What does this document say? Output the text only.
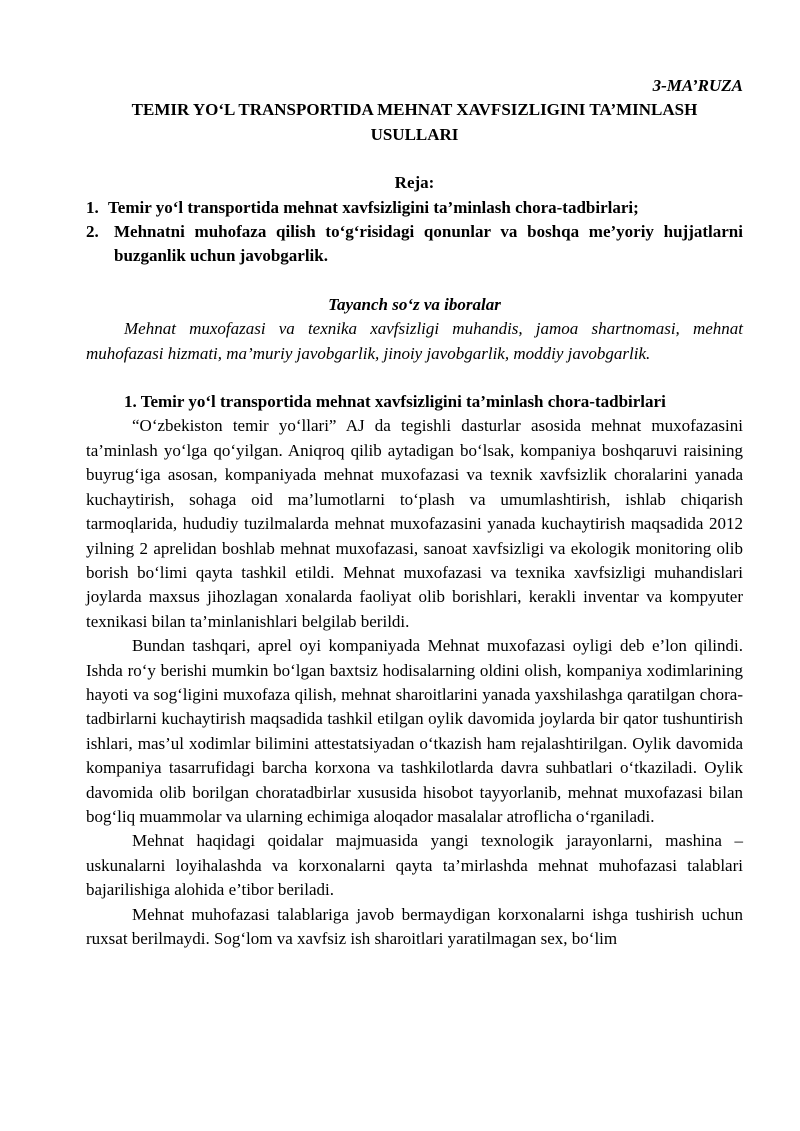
3-MA’RUZA

TEMIR YO‘L TRANSPORTIDA MEHNAT XAVFSIZLIGINI TA’MINLASH USULLARI

Reja:

1. Temir yo‘l transportida mehnat xavfsizligini ta’minlash chora-tadbirlari;
2. Mehnatni muhofaza qilish to‘g‘risidagi qonunlar va boshqa me’yoriy hujjatlarni buzganlik uchun javobgarlik.

Tayanch so‘z va iboralar

Mehnat muxofazasi va texnika xavfsizligi muhandis, jamoa shartnomasi, mehnat muhofazasi hizmati, ma’muriy javobgarlik, jinoiy javobgarlik, moddiy javobgarlik.

1. Temir yo‘l transportida mehnat xavfsizligini ta’minlash chora-tadbirlari

“O‘zbekiston temir yo‘llari” AJ da tegishli dasturlar asosida mehnat muxofazasini ta’minlash yo‘lga qo‘yilgan. Aniqroq qilib aytadigan bo‘lsak, kompaniya boshqaruvi raisining buyrug‘iga asosan, kompaniyada mehnat muxofazasi va texnik xavfsizlik choralarini yanada kuchaytirish, sohaga oid ma’lumotlarni to‘plash va umumlashtirish, ishlab chiqarish tarmoqlarida, hududiy tuzilmalarda mehnat muxofazasini yanada kuchaytirish maqsadida 2012 yilning 2 aprelidan boshlab mehnat muxofazasi, sanoat xavfsizligi va ekologik monitoring olib borish bo‘limi qayta tashkil etildi. Mehnat muxofazasi va texnika xavfsizligi muhandislari joylarda maxsus jihozlagan xonalarda faoliyat olib borishlari, kerakli inventar va kompyuter texnikasi bilan ta’minlanishlari belgilab berildi.

Bundan tashqari, aprel oyi kompaniyada Mehnat muxofazasi oyligi deb e’lon qilindi. Ishda ro‘y berishi mumkin bo‘lgan baxtsiz hodisalarning oldini olish, kompaniya xodimlarining hayoti va sog‘ligini muxofaza qilish, mehnat sharoitlarini yanada yaxshilashga qaratilgan chora-tadbirlarni kuchaytirish maqsadida tashkil etilgan oylik davomida joylarda bir qator tushuntirish ishlari, mas’ul xodimlar bilimini attestatsiyadan o‘tkazish ham rejalashtirilgan. Oylik davomida kompaniya tasarrufidagi barcha korxona va tashkilotlarda davra suhbatlari o‘tkaziladi. Oylik davomida olib borilgan choratadbirlar xususida hisobot tayyorlanib, mehnat muxofazasi bilan bog‘liq muammolar va ularning echimiga aloqador masalalar atroflicha o‘rganiladi.

Mehnat haqidagi qoidalar majmuasida yangi texnologik jarayonlarni, mashina – uskunalarni loyihalashda va korxonalarni qayta ta’mirlashda mehnat muhofazasi talablari bajarilishiga alohida e’tibor beriladi.

Mehnat muhofazasi talablariga javob bermaydigan korxonalarni ishga tushirish uchun ruxsat berilmaydi. Sog‘lom va xavfsiz ish sharoitlari yaratilmagan sex, bo‘lim
